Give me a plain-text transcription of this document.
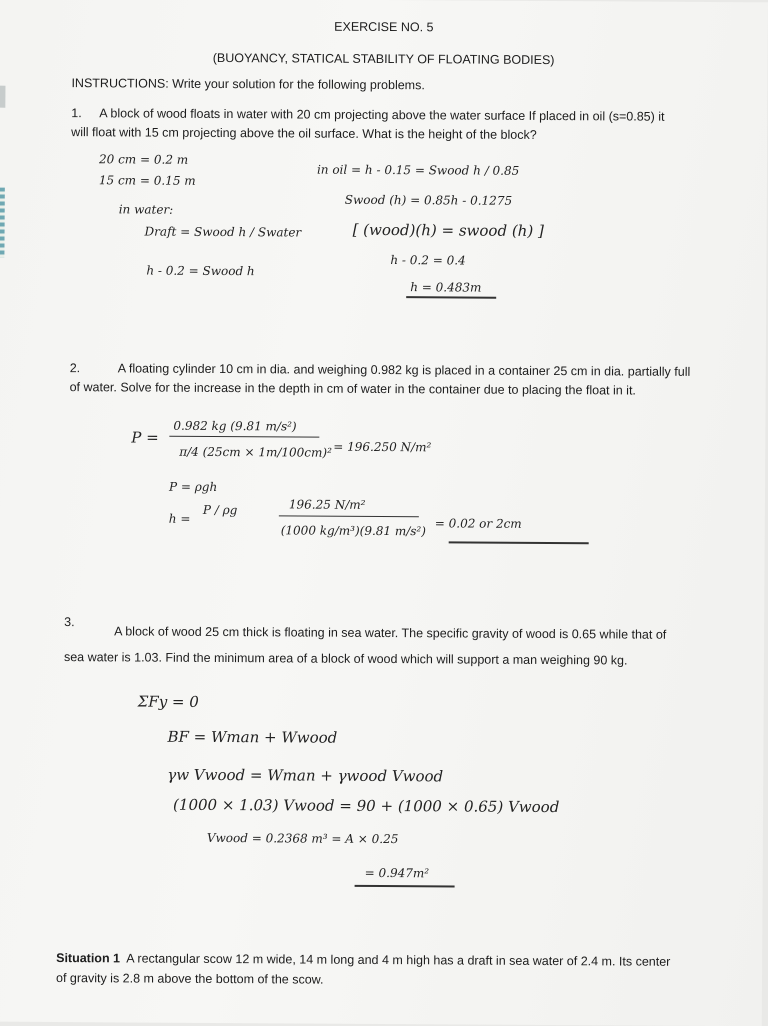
EXERCISE NO. 5
(BUOYANCY, STATICAL STABILITY OF FLOATING BODIES)
INSTRUCTIONS: Write your solution for the following problems.
1. A block of wood floats in water with 20 cm projecting above the water surface If placed in oil (s=0.85) it
will float with 15 cm projecting above the oil surface. What is the height of the block?
20 cm = 0.2 m
15 cm = 0.15 m
in water:
Draft = Swood h / Swater
h - 0.2 = Swood h
in oil = h - 0.15 = Swood h / 0.85
Swood (h) = 0.85h - 0.1275
[ (wood)(h) = swood (h) ]
h - 0.2 = 0.4
h = 0.483m
2.	A floating cylinder 10 cm in dia. and weighing 0.982 kg is placed in a container 25 cm in dia. partially full
of water. Solve for the increase in the depth in cm of water in the container due to placing the float in it.
0.982 kg (9.81 m/s²)
P =
π/4 (25cm × 1m/100cm)² = 196.250 N/m²
P = ρgh
h =
P / ρg	196.25 N/m²
(1000 kg/m³)(9.81 m/s²) = 0.02 or 2cm
3.
A block of wood 25 cm thick is floating in sea water. The specific gravity of wood is 0.65 while that of
sea water is 1.03. Find the minimum area of a block of wood which will support a man weighing 90 kg.
ΣFy = 0
BF = Wman + Wwood
γw Vwood = Wman + γwood Vwood
(1000 × 1.03) Vwood = 90 + (1000 × 0.65) Vwood
Vwood = 0.2368 m³ = A × 0.25
= 0.947m²
Situation 1 A rectangular scow 12 m wide, 14 m long and 4 m high has a draft in sea water of 2.4 m. Its center
of gravity is 2.8 m above the bottom of the scow.
